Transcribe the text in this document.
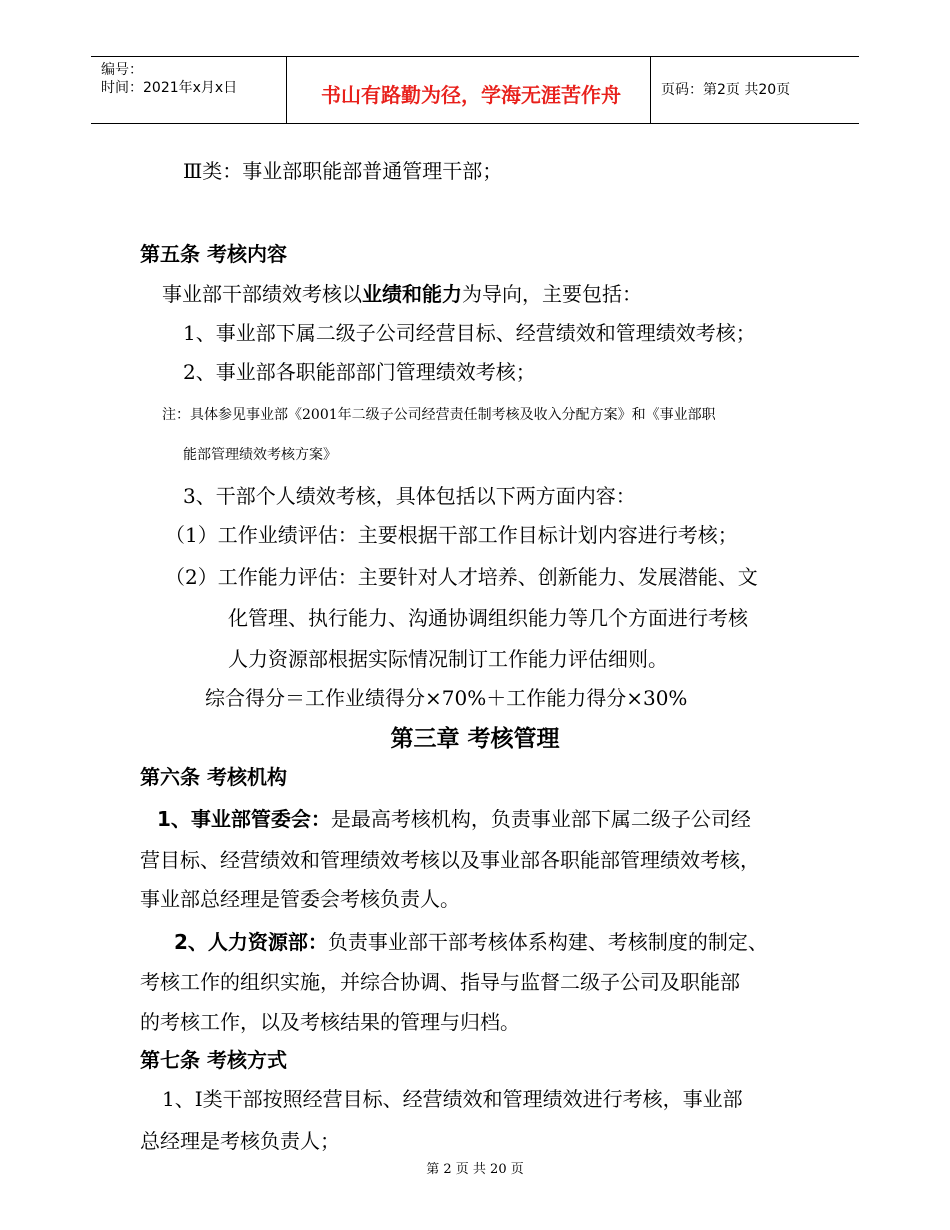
编号：
时间：2021年x月x日	书山有路勤为径，学海无涯苦作舟	页码：第2页 共20页
Ⅲ类：事业部职能部普通管理干部；
第五条 考核内容
事业部干部绩效考核以业绩和能力为导向，主要包括：
1、事业部下属二级子公司经营目标、经营绩效和管理绩效考核；
2、事业部各职能部部门管理绩效考核；
注：具体参见事业部《2001年二级子公司经营责任制考核及收入分配方案》和《事业部职
能部管理绩效考核方案》
3、干部个人绩效考核，具体包括以下两方面内容：
（1）工作业绩评估：主要根据干部工作目标计划内容进行考核；
（2）工作能力评估：主要针对人才培养、创新能力、发展潜能、文
化管理、执行能力、沟通协调组织能力等几个方面进行考核
人力资源部根据实际情况制订工作能力评估细则。
综合得分＝工作业绩得分×70%＋工作能力得分×30%
第三章 考核管理
第六条 考核机构
1、事业部管委会：是最高考核机构，负责事业部下属二级子公司经
营目标、经营绩效和管理绩效考核以及事业部各职能部管理绩效考核，
事业部总经理是管委会考核负责人。
2、人力资源部：负责事业部干部考核体系构建、考核制度的制定、
考核工作的组织实施，并综合协调、指导与监督二级子公司及职能部
的考核工作，以及考核结果的管理与归档。
第七条 考核方式
1、Ⅰ类干部按照经营目标、经营绩效和管理绩效进行考核，事业部
总经理是考核负责人；
第 2 页 共 20 页
